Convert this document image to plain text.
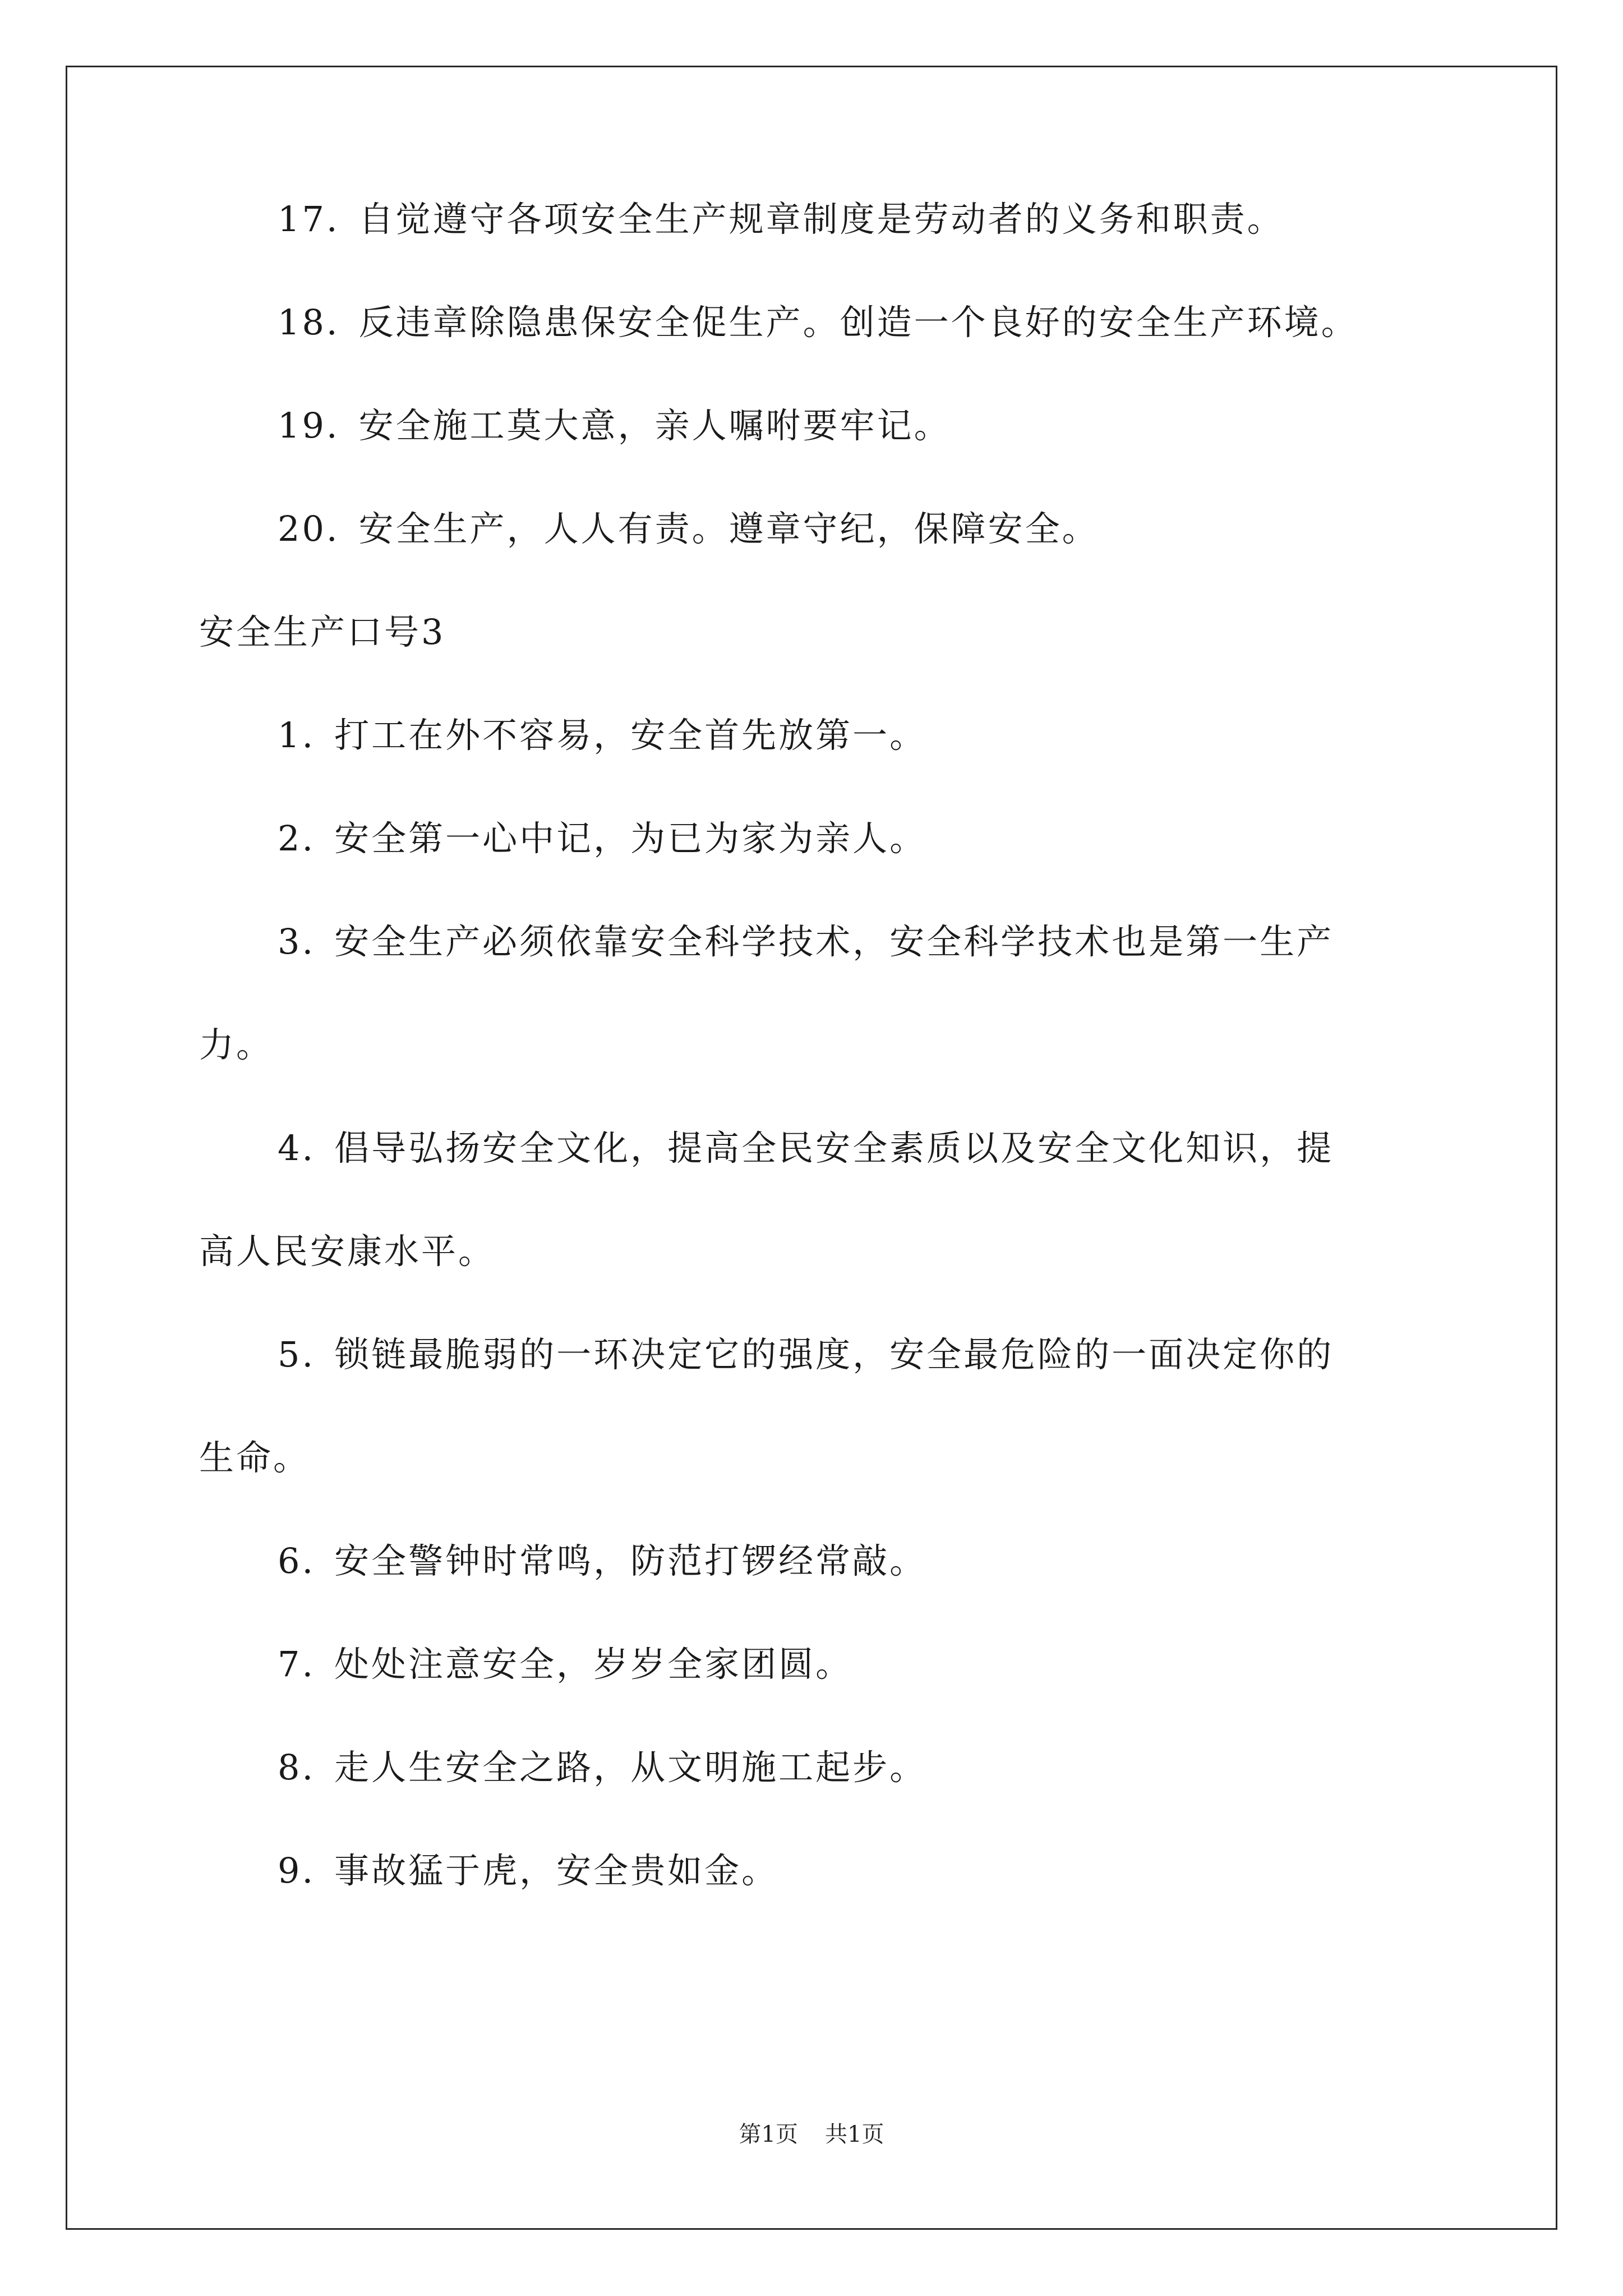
17. 自觉遵守各项安全生产规章制度是劳动者的义务和职责。

18. 反违章除隐患保安全促生产。创造一个良好的安全生产环境。

19. 安全施工莫大意，亲人嘱咐要牢记。

20. 安全生产，人人有责。遵章守纪，保障安全。

安全生产口号3

1. 打工在外不容易，安全首先放第一。

2. 安全第一心中记，为已为家为亲人。

3. 安全生产必须依靠安全科学技术，安全科学技术也是第一生产

力。

4. 倡导弘扬安全文化，提高全民安全素质以及安全文化知识，提

高人民安康水平。

5. 锁链最脆弱的一环决定它的强度，安全最危险的一面决定你的

生命。

6. 安全警钟时常鸣，防范打锣经常敲。

7. 处处注意安全，岁岁全家团圆。

8. 走人生安全之路，从文明施工起步。

9. 事故猛于虎，安全贵如金。

第1页 共1页
